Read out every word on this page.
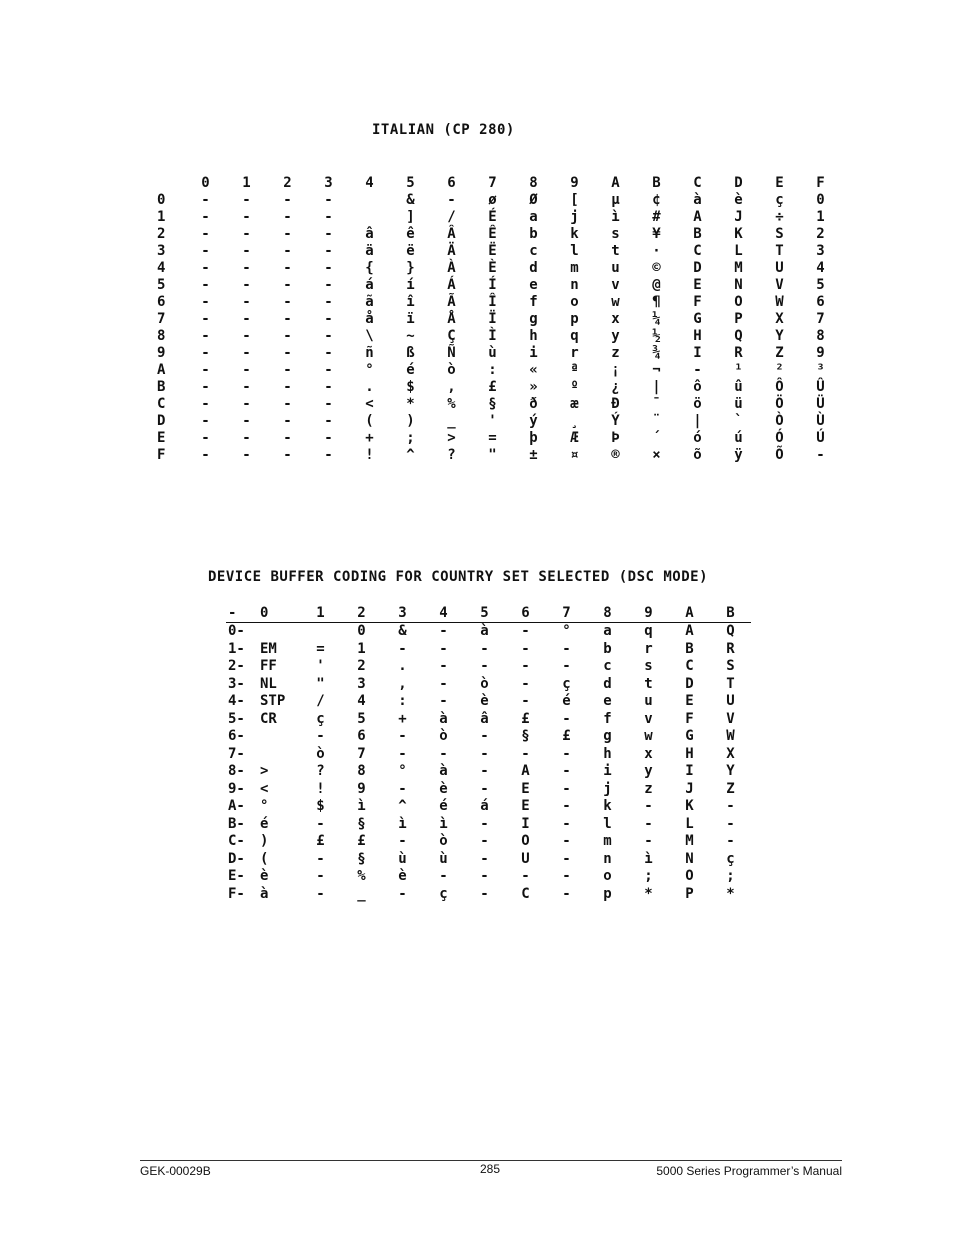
ITALIAN (CP 280)
	0	1	2	3	4	5	6	7	8	9	A	B	C	D	E	F
0	-	-	-	-		&	-	ø	Ø	[	µ	¢	à	è	ç	0
1	-	-	-	-		]	/	É	a	j	ì	#	A	J	÷	1
2	-	-	-	-	â	ê	Â	Ê	b	k	s	¥	B	K	S	2
3	-	-	-	-	ä	ë	Ä	Ë	c	l	t	·	C	L	T	3
4	-	-	-	-	{	}	À	È	d	m	u	©	D	M	U	4
5	-	-	-	-	á	í	Á	Í	e	n	v	@	E	N	V	5
6	-	-	-	-	ã	î	Ã	Î	f	o	w	¶	F	O	W	6
7	-	-	-	-	å	ï	Å	Ï	g	p	x	¼	G	P	X	7
8	-	-	-	-	\	~	Ç	Ì	h	q	y	½	H	Q	Y	8
9	-	-	-	-	ñ	ß	Ñ	ù	i	r	z	¾	I	R	Z	9
A	-	-	-	-	°	é	ò	:	«	ª	¡	¬	-	¹	²	³
B	-	-	-	-	.	$	,	£	»	º	¿	|	ô	û	Ô	Û
C	-	-	-	-	<	*	%	§	ð	æ	Ð	¯	ö	ü	Ö	Ü
D	-	-	-	-	(	)	_	'	ý	¸	Ý	¨	|	`	Ò	Ù
E	-	-	-	-	+	;	>	=	þ	Æ	Þ	´	ó	ú	Ó	Ú
F	-	-	-	-	!	^	?	"	±	¤	®	×	õ	ÿ	Õ	-
DEVICE BUFFER CODING FOR COUNTRY SET SELECTED (DSC MODE)
-	0	1	2	3	4	5	6	7	8	9	A	B
0-			0	&	-	à	-	°	a	q	A	Q
1-	EM	=	1	-	-	-	-	-	b	r	B	R
2-	FF	'	2	.	-	-	-	-	c	s	C	S
3-	NL	"	3	,	-	ò	-	ç	d	t	D	T
4-	STP	/	4	:	-	è	-	é	e	u	E	U
5-	CR	ç	5	+	à	â	£	-	f	v	F	V
6-		-	6	-	ò	-	§	£	g	w	G	W
7-		ò	7	-	-	-	-	-	h	x	H	X
8-	>	?	8	°	à	-	A	-	i	y	I	Y
9-	<	!	9	-	è	-	E	-	j	z	J	Z
A-	°	$	ì	^	é	á	E	-	k	-	K	-
B-	é	-	§	ì	ì	-	I	-	l	-	L	-
C-	)	£	£	-	ò	-	O	-	m	-	M	-
D-	(	-	§	ù	ù	-	U	-	n	ì	N	ç
E-	è	-	%	è	-	-	-	-	o	;	O	;
F-	à	-	_	-	ç	-	C	-	p	*	P	*
GEK-00029B	285	5000 Series Programmer’s Manual
